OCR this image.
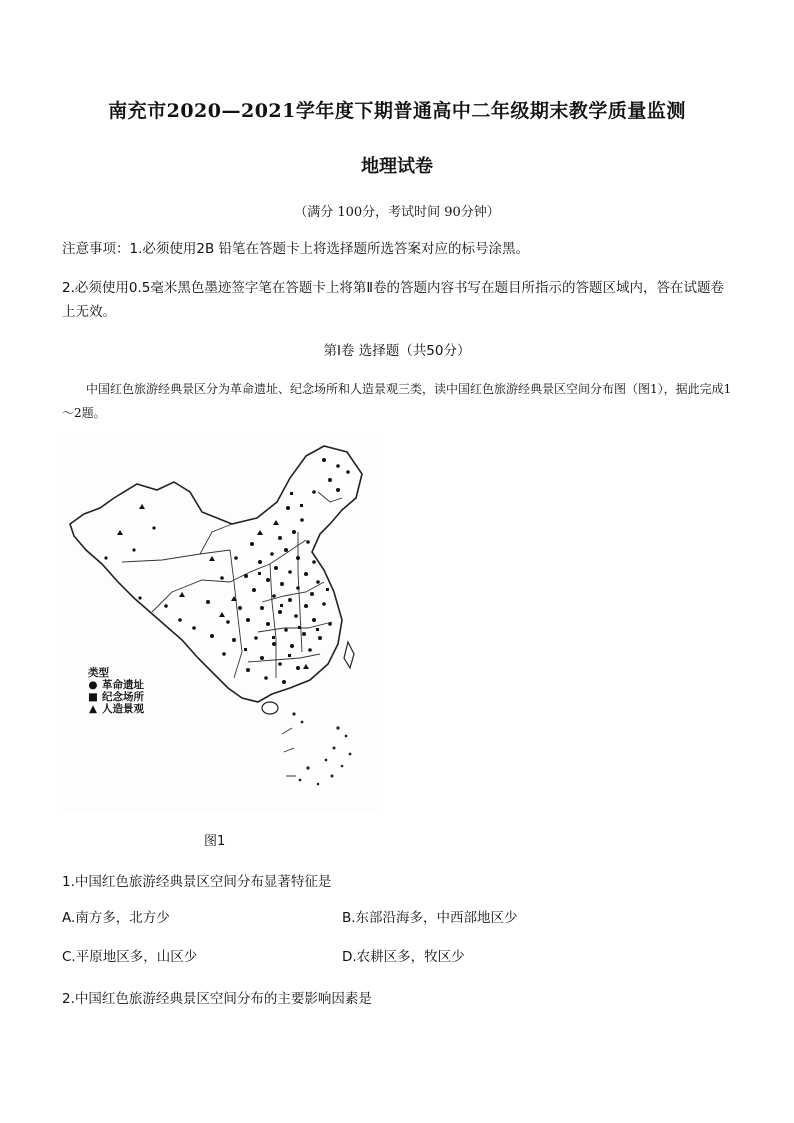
南充市2020—2021学年度下期普通高中二年级期末教学质量监测
地理试卷
（满分 100分，考试时间 90分钟）
注意事项：1.必须使用2B 铅笔在答题卡上将选择题所选答案对应的标号涂黑。
2.必须使用0.5毫米黑色墨迹签字笔在答题卡上将第Ⅱ卷的答题内容书写在题目所指示的答题区域内，答在试题卷上无效。
第Ⅰ卷 选择题（共50分）
中国红色旅游经典景区分为革命遗址、纪念场所和人造景观三类，读中国红色旅游经典景区空间分布图（图1），据此完成1～2题。
类型
● 革命遗址
■ 纪念场所
▲ 人造景观
图1
1.中国红色旅游经典景区空间分布显著特征是
A.南方多，北方少	B.东部沿海多，中西部地区少
C.平原地区多，山区少	D.农耕区多，牧区少
2.中国红色旅游经典景区空间分布的主要影响因素是
